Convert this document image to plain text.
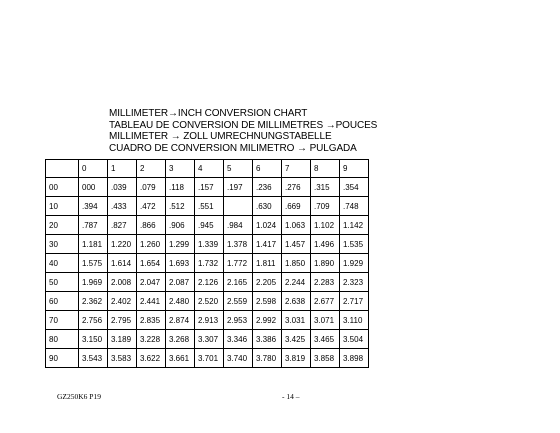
MILLIMETER→INCH CONVERSION CHART
TABLEAU DE CONVERSION DE MILLIMETRES →POUCES
MILLIMETER → ZOLL UMRECHNUNGSTABELLE
CUADRO DE CONVERSION MILIMETRO → PULGADA
	0	1	2	3	4	5	6	7	8	9
00	000	.039	.079	.118	.157	.197	.236	.276	.315	.354
10	.394	.433	.472	.512	.551		.630	.669	.709	.748
20	.787	.827	.866	.906	.945	.984	1.024	1.063	1.102	1.142
30	1.181	1.220	1.260	1.299	1.339	1.378	1.417	1.457	1.496	1.535
40	1.575	1.614	1.654	1.693	1.732	1.772	1.811	1.850	1.890	1.929
50	1.969	2.008	2.047	2.087	2.126	2.165	2.205	2.244	2.283	2.323
60	2.362	2.402	2.441	2.480	2.520	2.559	2.598	2.638	2.677	2.717
70	2.756	2.795	2.835	2.874	2.913	2.953	2.992	3.031	3.071	3.110
80	3.150	3.189	3.228	3.268	3.307	3.346	3.386	3.425	3.465	3.504
90	3.543	3.583	3.622	3.661	3.701	3.740	3.780	3.819	3.858	3.898
GZ250K6 P19	- 14 –
